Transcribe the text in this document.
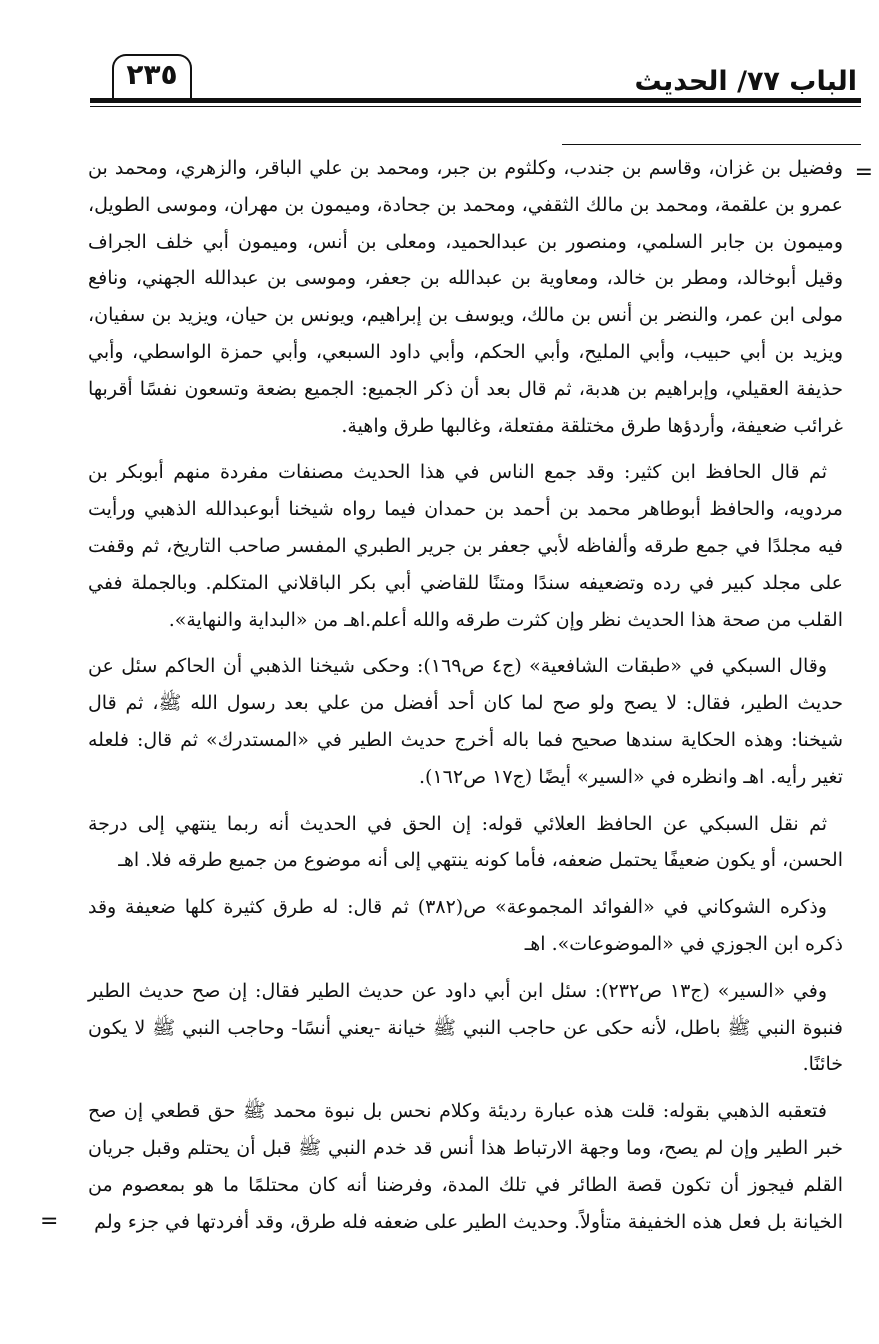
الباب ٧٧/ الحديث
٢٣٥
=
=

وفضيل بن غزان، وقاسم بن جندب، وكلثوم بن جبر، ومحمد بن علي الباقر، والزهري، ومحمد بن عمرو بن علقمة، ومحمد بن مالك الثقفي، ومحمد بن جحادة، وميمون بن مهران، وموسى الطويل، وميمون بن جابر السلمي، ومنصور بن عبدالحميد، ومعلى بن أنس، وميمون أبي خلف الجراف وقيل أبوخالد، ومطر بن خالد، ومعاوية بن عبدالله بن جعفر، وموسى بن عبدالله الجهني، ونافع مولى ابن عمر، والنضر بن أنس بن مالك، ويوسف بن إبراهيم، ويونس بن حيان، ويزيد بن سفيان، ويزيد بن أبي حبيب، وأبي المليح، وأبي الحكم، وأبي داود السبعي، وأبي حمزة الواسطي، وأبي حذيفة العقيلي، وإبراهيم بن هدبة، ثم قال بعد أن ذكر الجميع: الجميع بضعة وتسعون نفسًا أقربها غرائب ضعيفة، وأردؤها طرق مختلقة مفتعلة، وغالبها طرق واهية.

ثم قال الحافظ ابن كثير: وقد جمع الناس في هذا الحديث مصنفات مفردة منهم أبوبكر بن مردويه، والحافظ أبوطاهر محمد بن أحمد بن حمدان فيما رواه شيخنا أبوعبدالله الذهبي ورأيت فيه مجلدًا في جمع طرقه وألفاظه لأبي جعفر بن جرير الطبري المفسر صاحب التاريخ، ثم وقفت على مجلد كبير في رده وتضعيفه سندًا ومتنًا للقاضي أبي بكر الباقلاني المتكلم. وبالجملة ففي القلب من صحة هذا الحديث نظر وإن كثرت طرقه والله أعلم.اهـ من «البداية والنهاية».

وقال السبكي في «طبقات الشافعية» (ج٤ ص١٦٩): وحكى شيخنا الذهبي أن الحاكم سئل عن حديث الطير، فقال: لا يصح ولو صح لما كان أحد أفضل من علي بعد رسول الله ﷺ، ثم قال شيخنا: وهذه الحكاية سندها صحيح فما باله أخرج حديث الطير في «المستدرك» ثم قال: فلعله تغير رأيه. اهـ وانظره في «السير» أيضًا (ج١٧ ص١٦٢).

ثم نقل السبكي عن الحافظ العلائي قوله: إن الحق في الحديث أنه ربما ينتهي إلى درجة الحسن، أو يكون ضعيفًا يحتمل ضعفه، فأما كونه ينتهي إلى أنه موضوع من جميع طرقه فلا. اهـ

وذكره الشوكاني في «الفوائد المجموعة» ص(٣٨٢) ثم قال: له طرق كثيرة كلها ضعيفة وقد ذكره ابن الجوزي في «الموضوعات». اهـ

وفي «السير» (ج١٣ ص٢٣٢): سئل ابن أبي داود عن حديث الطير فقال: إن صح حديث الطير فنبوة النبي ﷺ باطل، لأنه حكى عن حاجب النبي ﷺ خيانة -يعني أنسًا- وحاجب النبي ﷺ لا يكون خائنًا.

فتعقبه الذهبي بقوله: قلت هذه عبارة رديئة وكلام نحس بل نبوة محمد ﷺ حق قطعي إن صح خبر الطير وإن لم يصح، وما وجهة الارتباط هذا أنس قد خدم النبي ﷺ قبل أن يحتلم وقبل جريان القلم فيجوز أن تكون قصة الطائر في تلك المدة، وفرضنا أنه كان محتلمًا ما هو بمعصوم من الخيانة بل فعل هذه الخفيفة متأولاً. وحديث الطير على ضعفه فله طرق، وقد أفردتها في جزء ولم
